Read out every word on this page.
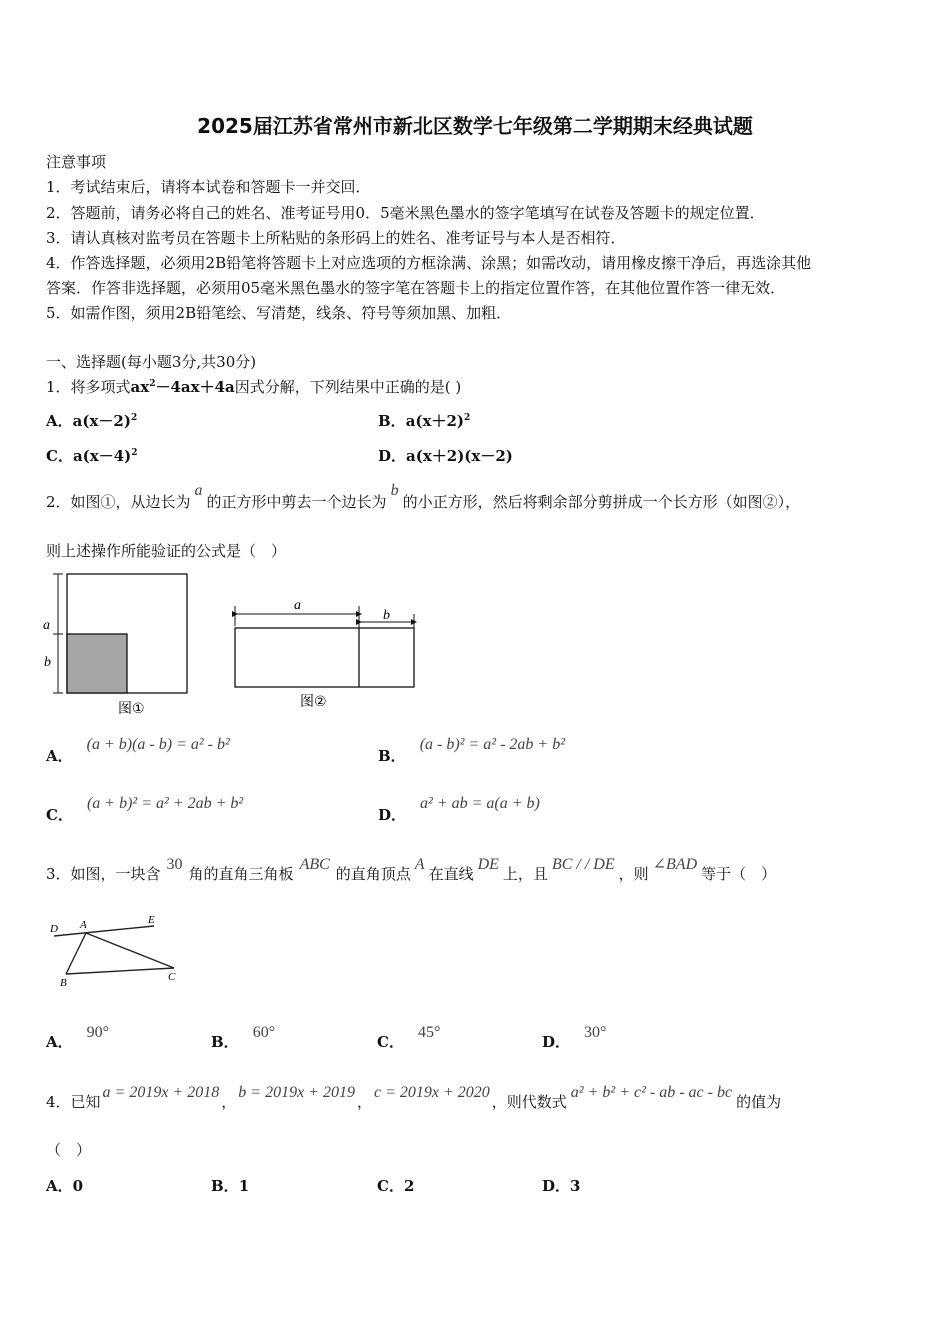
2025届江苏省常州市新北区数学七年级第二学期期末经典试题
注意事项
1．考试结束后，请将本试卷和答题卡一并交回．
2．答题前，请务必将自己的姓名、准考证号用0．5毫米黑色墨水的签字笔填写在试卷及答题卡的规定位置．
3．请认真核对监考员在答题卡上所粘贴的条形码上的姓名、准考证号与本人是否相符．
4．作答选择题，必须用2B铅笔将答题卡上对应选项的方框涂满、涂黑；如需改动，请用橡皮擦干净后，再选涂其他
答案．作答非选择题，必须用05毫米黑色墨水的签字笔在答题卡上的指定位置作答，在其他位置作答一律无效．
5．如需作图，须用2B铅笔绘、写清楚，线条、符号等须加黑、加粗．
一、选择题(每小题3分,共30分)
1．将多项式$ax^2-4ax+4a$因式分解，下列结果中正确的是( )
A．$a(x-2)^2$	B．$a(x+2)^2$
C．$a(x-4)^2$	D．a(x＋2)(x－2)
2．如图①，从边长为a的正方形中剪去一个边长为b的小正方形，然后将剩余部分剪拼成一个长方形（如图②），
则上述操作所能验证的公式是（　）
a
b
图①
a
b
图②
A．(a + b)(a - b) = a² - b²
B．(a - b)² = a² - 2ab + b²
C．(a + b)² = a² + 2ab + b²
D．a² + ab = a(a + b)
3．如图，一块含30角的直角三角板ABC的直角顶点A在直线DE上，且BC / / DE，则∠BAD等于（　）
D A	E
B	C
A．90°
B．60°
C．45°
D．30°
4．已知a = 2019x + 2018，b = 2019x + 2019，c = 2019x + 2020，则代数式a² + b² + c² - ab - ac - bc的值为
（　）
A．0	B．1	C．2	D．3
